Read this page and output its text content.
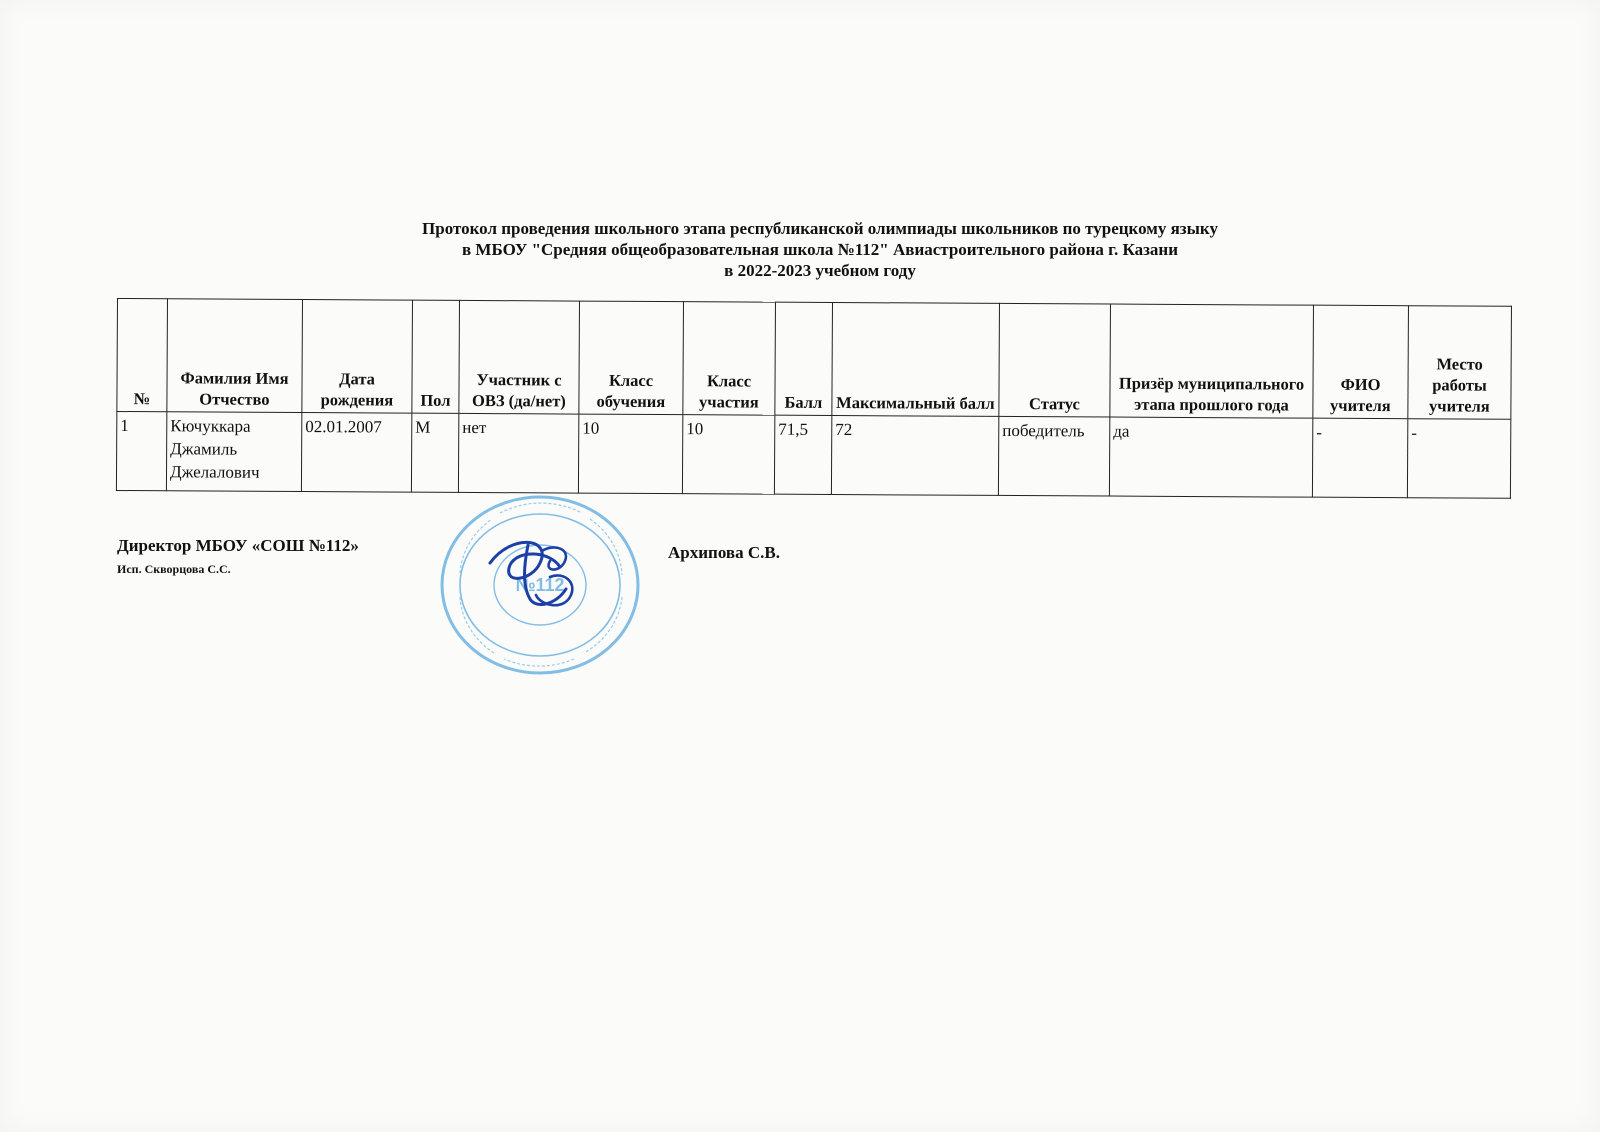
Протокол проведения школьного этапа республиканской олимпиады школьников по турецкому языку
в МБОУ "Средняя общеобразовательная школа №112" Авиастроительного района г. Казани
в 2022-2023 учебном году
№	Фамилия Имя Отчество	Дата рождения	Пол	Участник с ОВЗ (да/нет)	Класс обучения	Класс участия	Балл	Максимальный балл	Статус	Призёр муниципального этапа прошлого года	ФИО учителя	Место работы учителя
1	Кючуккара Джамиль Джелалович	02.01.2007	М	нет	10	10	71,5	72	победитель	да	-	-
Директор МБОУ «СОШ №112»
Исп. Скворцова С.С.
Архипова С.В.
№112
